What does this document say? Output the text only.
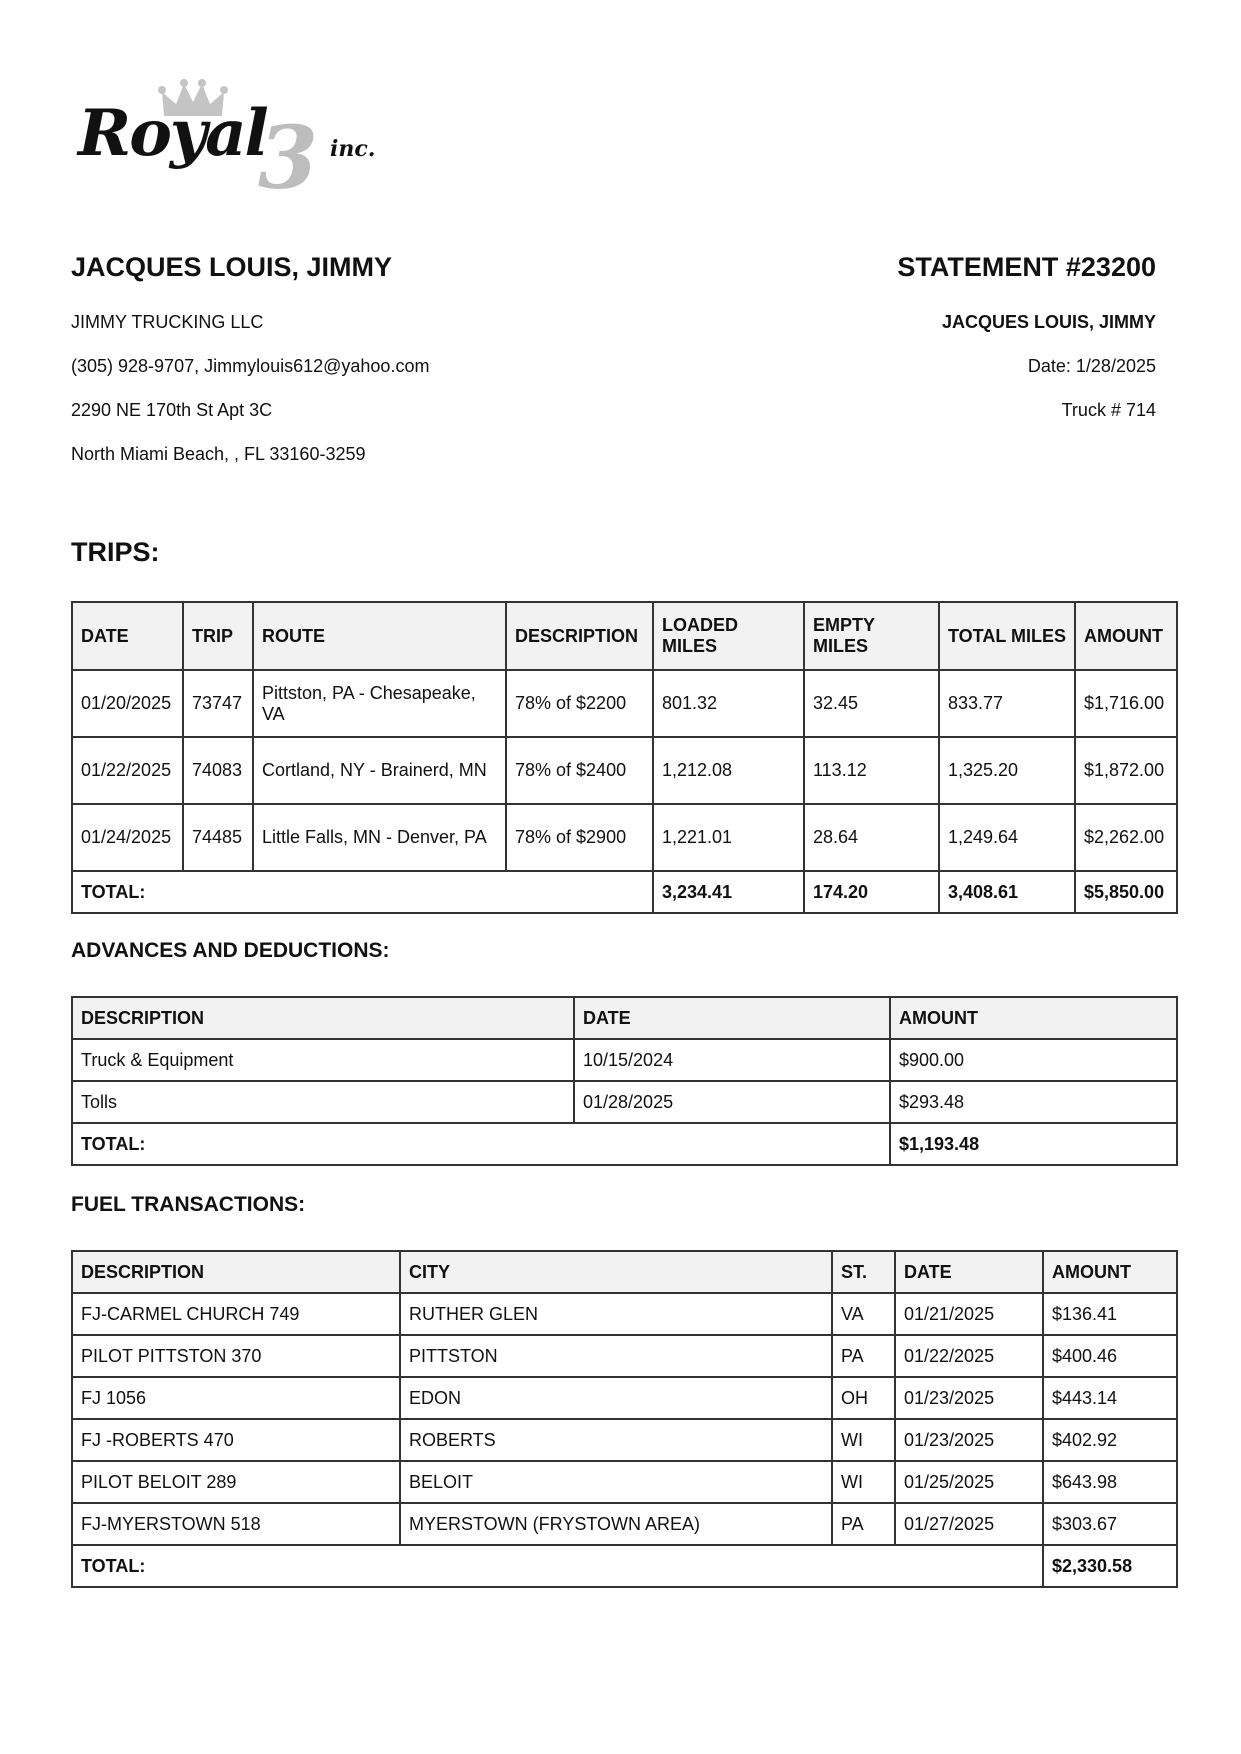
3
Royal	inc.
JACQUES LOUIS, JIMMY	STATEMENT #23200
JIMMY TRUCKING LLC
(305) 928-9707, Jimmylouis612@yahoo.com
2290 NE 170th St Apt 3C
North Miami Beach, , FL 33160-3259
JACQUES LOUIS, JIMMY
Date: 1/28/2025
Truck # 714
TRIPS:
DATE	TRIP	ROUTE	DESCRIPTION	LOADED MILES	EMPTY MILES	TOTAL MILES	AMOUNT
01/20/2025	73747	Pittston, PA - Chesapeake, VA	78% of $2200	801.32	32.45	833.77	$1,716.00
01/22/2025	74083	Cortland, NY - Brainerd, MN	78% of $2400	1,212.08	113.12	1,325.20	$1,872.00
01/24/2025	74485	Little Falls, MN - Denver, PA	78% of $2900	1,221.01	28.64	1,249.64	$2,262.00
TOTAL:				3,234.41	174.20	3,408.61	$5,850.00
ADVANCES AND DEDUCTIONS:
DESCRIPTION	DATE	AMOUNT
Truck & Equipment	10/15/2024	$900.00
Tolls	01/28/2025	$293.48
TOTAL:		$1,193.48
FUEL TRANSACTIONS:
DESCRIPTION	CITY	ST.	DATE	AMOUNT
FJ-CARMEL CHURCH 749	RUTHER GLEN	VA	01/21/2025	$136.41
PILOT PITTSTON 370	PITTSTON	PA	01/22/2025	$400.46
FJ 1056	EDON	OH	01/23/2025	$443.14
FJ -ROBERTS 470	ROBERTS	WI	01/23/2025	$402.92
PILOT BELOIT 289	BELOIT	WI	01/25/2025	$643.98
FJ-MYERSTOWN 518	MYERSTOWN (FRYSTOWN AREA)	PA	01/27/2025	$303.67
TOTAL:				$2,330.58
